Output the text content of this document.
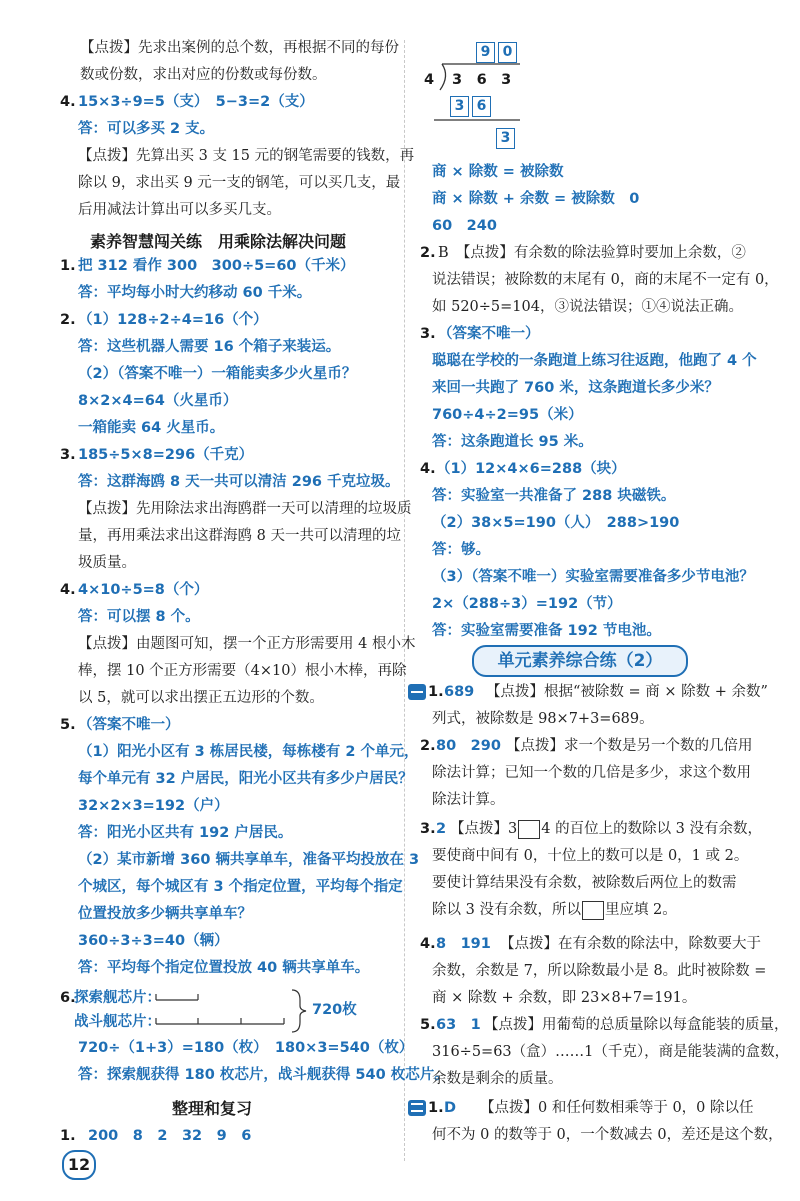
【点拨】先求出案例的总个数，再根据不同的每份
数或份数，求出对应的份数或每份数。
4. 15×3÷9=5（支）　5−3=2（支）
答：可以多买 2 支。
【点拨】先算出买 3 支 15 元的钢笔需要的钱数，再
除以 9，求出买 9 元一支的钢笔，可以买几支，最
后用减法计算出可以多买几支。
素养智慧闯关练　用乘除法解决问题
1. 把 312 看作 300　300÷5=60（千米）
答：平均每小时大约移动 60 千米。
2. （1）128÷2÷4=16（个）
答：这些机器人需要 16 个箱子来装运。
（2）（答案不唯一）一箱能卖多少火星币？
8×2×4=64（火星币）
一箱能卖 64 火星币。
3. 185÷5×8=296（千克）
答：这群海鸥 8 天一共可以清洁 296 千克垃圾。
【点拨】先用除法求出海鸥群一天可以清理的垃圾质
量，再用乘法求出这群海鸥 8 天一共可以清理的垃
圾质量。
4. 4×10÷5=8（个）
答：可以摆 8 个。
【点拨】由题图可知，摆一个正方形需要用 4 根小木
棒，摆 10 个正方形需要（4×10）根小木棒，再除
以 5，就可以求出摆正五边形的个数。
5. （答案不唯一）
（1）阳光小区有 3 栋居民楼，每栋楼有 2 个单元，
每个单元有 32 户居民，阳光小区共有多少户居民？
32×2×3=192（户）
答：阳光小区共有 192 户居民。
（2）某市新增 360 辆共享单车，准备平均投放在 3
个城区，每个城区有 3 个指定位置，平均每个指定
位置投放多少辆共享单车？
360÷3÷3=40（辆）
答：平均每个指定位置投放 40 辆共享单车。
6.
探索舰芯片：
战斗舰芯片：
720枚
720÷（1+3）=180（枚）　180×3=540（枚）
答：探索舰获得 180 枚芯片，战斗舰获得 540 枚芯片。
整理和复习
1. 200　8　2　32　9　6
12
9 0
4 3　6　3
3 6
3
商 × 除数 = 被除数
商 × 除数 + 余数 = 被除数　0
60　240
2. B　【点拨】有余数的除法验算时要加上余数，②
说法错误；被除数的末尾有 0，商的末尾不一定有 0，
如 520÷5=104，③说法错误；①④说法正确。
3. （答案不唯一）
聪聪在学校的一条跑道上练习往返跑，他跑了 4 个
来回一共跑了 760 米，这条跑道长多少米？
760÷4÷2=95（米）
答：这条跑道长 95 米。
4. （1）12×4×6=288（块）
答：实验室一共准备了 288 块磁铁。
（2）38×5=190（人）　288>190
答：够。
（3）（答案不唯一）实验室需要准备多少节电池？
2×（288÷3）=192（节）
答：实验室需要准备 192 节电池。
单元素养综合练（2）
1. 689 【点拨】根据“被除数 = 商 × 除数 + 余数”
列式，被除数是 98×7+3=689。
2. 80　290 【点拨】求一个数是另一个数的几倍用
除法计算；已知一个数的几倍是多少，求这个数用
除法计算。
3. 2 【点拨】3 4 的百位上的数除以 3 没有余数，
要使商中间有 0，十位上的数可以是 0，1 或 2。
要使计算结果没有余数，被除数后两位上的数需
除以 3 没有余数，所以 里应填 2。
4. 8　191 【点拨】在有余数的除法中，除数要大于
余数，余数是 7，所以除数最小是 8。此时被除数 =
商 × 除数 + 余数，即 23×8+7=191。
5. 63　1 【点拨】用葡萄的总质量除以每盒能装的质量，
316÷5=63（盒）……1（千克），商是能装满的盒数，
余数是剩余的质量。
1. D 【点拨】0 和任何数相乘等于 0，0 除以任
何不为 0 的数等于 0，一个数减去 0，差还是这个数，
